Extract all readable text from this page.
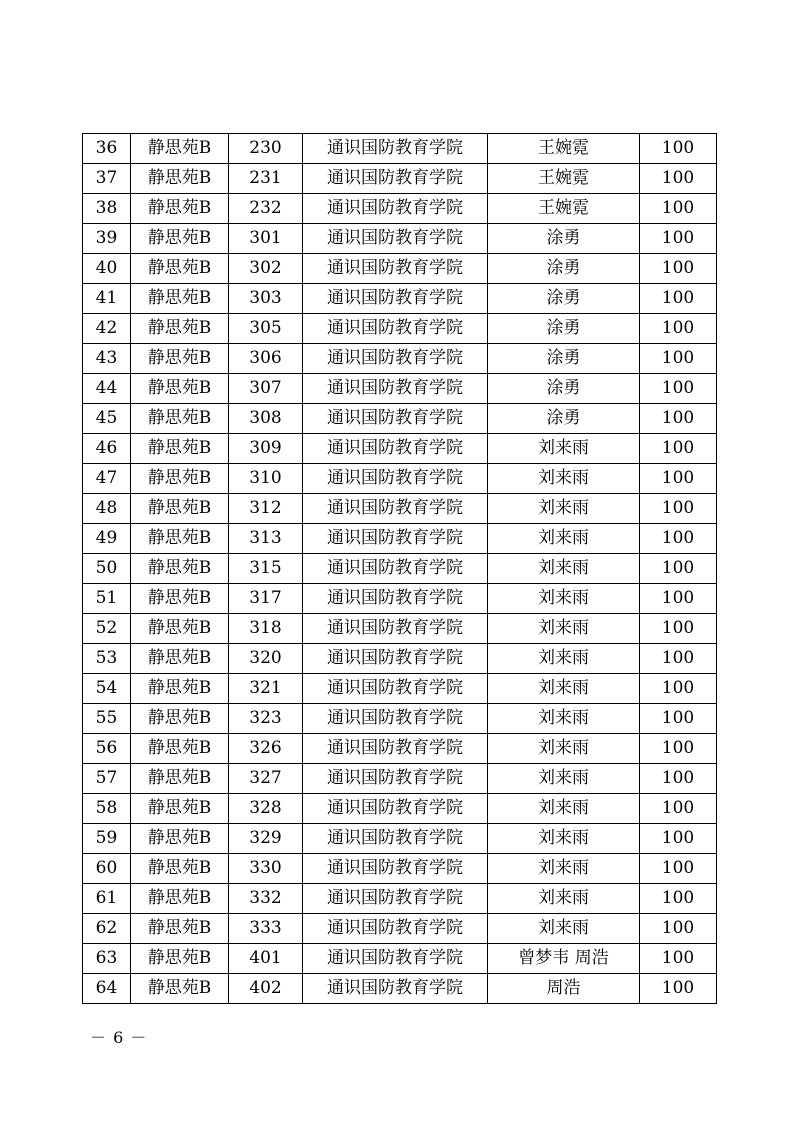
36	静思苑B	230	通识国防教育学院	王婉霓	100
37	静思苑B	231	通识国防教育学院	王婉霓	100
38	静思苑B	232	通识国防教育学院	王婉霓	100
39	静思苑B	301	通识国防教育学院	涂勇	100
40	静思苑B	302	通识国防教育学院	涂勇	100
41	静思苑B	303	通识国防教育学院	涂勇	100
42	静思苑B	305	通识国防教育学院	涂勇	100
43	静思苑B	306	通识国防教育学院	涂勇	100
44	静思苑B	307	通识国防教育学院	涂勇	100
45	静思苑B	308	通识国防教育学院	涂勇	100
46	静思苑B	309	通识国防教育学院	刘来雨	100
47	静思苑B	310	通识国防教育学院	刘来雨	100
48	静思苑B	312	通识国防教育学院	刘来雨	100
49	静思苑B	313	通识国防教育学院	刘来雨	100
50	静思苑B	315	通识国防教育学院	刘来雨	100
51	静思苑B	317	通识国防教育学院	刘来雨	100
52	静思苑B	318	通识国防教育学院	刘来雨	100
53	静思苑B	320	通识国防教育学院	刘来雨	100
54	静思苑B	321	通识国防教育学院	刘来雨	100
55	静思苑B	323	通识国防教育学院	刘来雨	100
56	静思苑B	326	通识国防教育学院	刘来雨	100
57	静思苑B	327	通识国防教育学院	刘来雨	100
58	静思苑B	328	通识国防教育学院	刘来雨	100
59	静思苑B	329	通识国防教育学院	刘来雨	100
60	静思苑B	330	通识国防教育学院	刘来雨	100
61	静思苑B	332	通识国防教育学院	刘来雨	100
62	静思苑B	333	通识国防教育学院	刘来雨	100
63	静思苑B	401	通识国防教育学院	曾梦韦 周浩	100
64	静思苑B	402	通识国防教育学院	周浩	100
－ 6 －
